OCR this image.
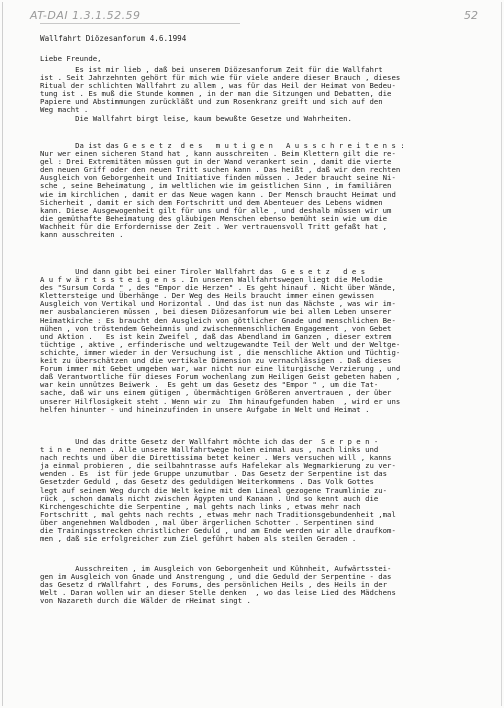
AT-DAI 1.3.1.52.59	52
Wallfahrt Diözesanforum 4.6.1994
Liebe Freunde,
Es ist mir lieb , daß bei unserem Diözesanforum Zeit für die Wallfahrt
ist . Seit Jahrzehnten gehört für mich wie für viele andere dieser Brauch , dieses
Ritual der schlichten Wallfahrt zu allem , was für das Heil der Heimat von Bedeu-
tung ist . Es muß die Stunde kommen , in der man die Sitzungen und Debatten, die
Papiere und Abstimmungen zurückläßt und zum Rosenkranz greift und sich auf den
Weg macht .
Die Wallfahrt birgt leise, kaum bewußte Gesetze und Wahrheiten.
Da ist das G e s e t z  d e s   m u t i g e n   A u s s c h r e i t e n s :
Nur wer einen sicheren Stand hat , kann ausschreiten . Beim Klettern gilt die re-
gel : Drei Extremitäten müssen gut in der Wand verankert sein , damit die vierte
den neuen Griff oder den neuen Tritt suchen kann . Das heißt , daß wir den rechten
Ausgleich von Geborgenheit und Initiative finden müssen . Jeder braucht seine Ni-
sche , seine Beheimatung , im weltlichen wie im geistlichen Sinn , im familiären
wie im kirchlichen , damit er das Neue wagen kann . Der Mensch braucht Heimat und
Sicherheit , damit er sich dem Fortschritt und dem Abenteuer des Lebens widmen
kann. Diese Ausgewogenheit gilt für uns und für alle , und deshalb müssen wir um
die gemüthafte Beheimatung des gläubigen Menschen ebenso bemüht sein wie um die
Wachheit für die Erfordernisse der Zeit . Wer vertrauensvoll Tritt gefaßt hat ,
kann ausschreiten .
Und dann gibt bei einer Tiroler Wallfahrt das  G e s e t z   d e s
A u f w ä r t s s t e i g e n s . In unseren Wallfahrtswegen liegt die Melodie
des "Sursum Corda " , des "Empor die Herzen" . Es geht hinauf . Nicht über Wände,
Klettersteige und Überhänge . Der Weg des Heils braucht immer einen gewissen
Ausgleich von Vertikal und Horizontal . Und das ist nun das Nächste , was wir im-
mer ausbalancieren müssen , bei diesem Diözesanforum wie bei allem Leben unserer
Heimatkirche : Es braucht den Ausgleich von göttlicher Gnade und menschlichen Be-
mühen , von tröstendem Geheimnis und zwischenmenschlichem Engagement , von Gebet
und Aktion .   Es ist kein Zweifel , daß das Abendland im Ganzen , dieser extrem
tüchtige , aktive , erfinderische und weltzugewandte Teil der Welt und der Weltge-
schichte, immer wieder in der Versuchung ist , die menschliche Aktion und Tüchtig-
keit zu überschätzen und die vertikale Dimension zu vernachlässigen . Daß dieses
Forum immer mit Gebet umgeben war, war nicht nur eine liturgische Verzierung , und
daß Verantwortliche für dieses Forum wochenlang zum Heiligen Geist gebeten haben ,
war kein unnützes Beiwerk .  Es geht um das Gesetz des "Empor " , um die Tat-
sache, daß wir uns einem gütigen , übermächtigen Größeren anvertrauen , der über
unserer Hilflosigkeit steht . Wenn wir zu  Ihm hinaufgefunden haben  , wird er uns
helfen hinunter - und hineinzufinden in unsere Aufgabe in Welt und Heimat .
Und das dritte Gesetz der Wallfahrt möchte ich das der  S e r p e n -
t i n e  nennen . Alle unsere Wallfahrtwege holen einmal aus , nach links und
nach rechts und über die Direttissima betet keiner . Wers versuchen will , kanns
ja einmal probieren , die seilbahntrasse aufs Hafelekar als Wegmarkierung zu ver-
wenden . Es  ist für jede Gruppe unzumutbar . Das Gesetz der Serpentine ist das
Gesetzder Geduld , das Gesetz des geduldigen Weiterkommens . Das Volk Gottes
legt auf seinem Weg durch die Welt keine mit dem Lineal gezogene Traumlinie zu-
rück , schon damals nicht zwischen Ägypten und Kanaan . Und so kennt auch die
Kirchengeschichte die Serpentine , mal gehts nach links , etwas mehr nach
Fortschritt , mal gehts nach rechts , etwas mehr nach Traditionsgebundenheit ,mal
über angenehmen Waldboden , mal über ärgerlichen Schotter . Serpentinen sind
die Trainingsstrecken christlicher Geduld , und am Ende werden wir alle draufkom-
men , daß sie erfolgreicher zum Ziel geführt haben als steilen Geraden .
Ausschreiten , im Ausgleich von Geborgenheit und Kühnheit, Aufwärtsstei-
gen im Ausgleich von Gnade und Anstrengung , und die Geduld der Serpentine - das
das Gesetz d rWallfahrt , des Forums, des persönlichen Heils , des Heils in der
Welt . Daran wollen wir an dieser Stelle denken  , wo das leise Lied des Mädchens
von Nazareth durch die Wälder de rHeimat singt .
